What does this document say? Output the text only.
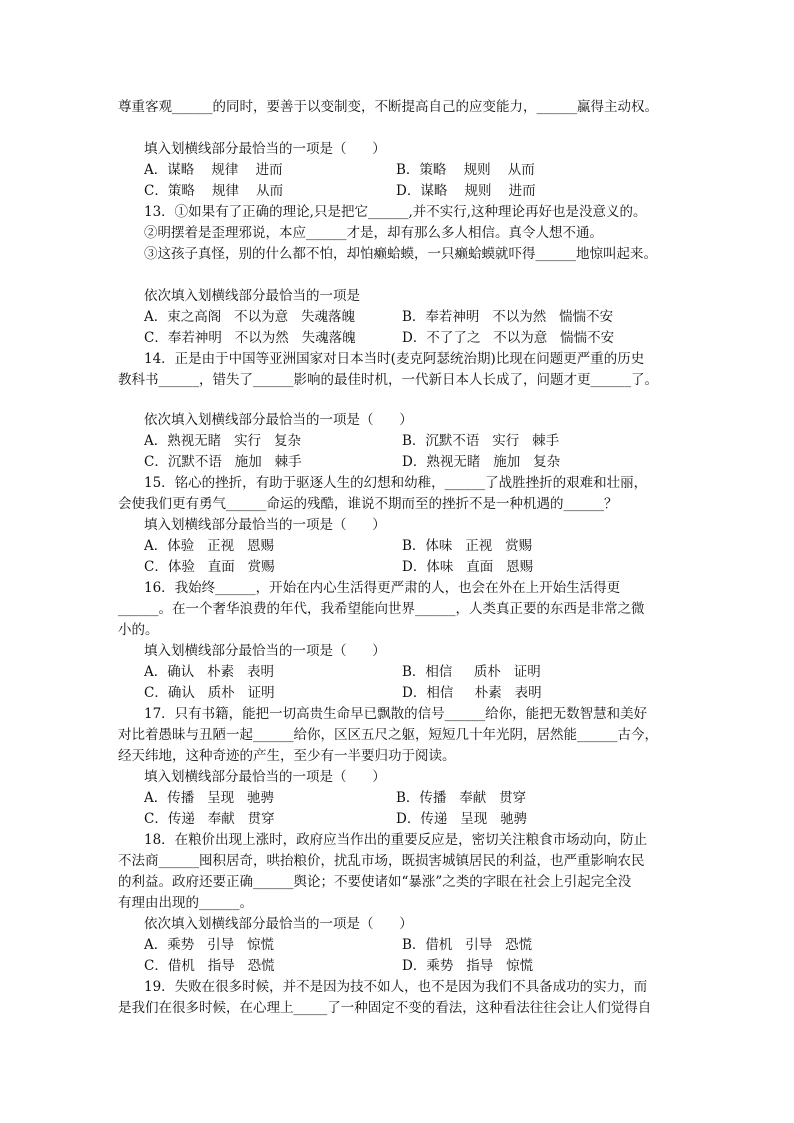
尊重客观______的同时，要善于以变制变，不断提高自己的应变能力，______赢得主动权。
填入划横线部分最恰当的一项是（      ）
A．谋略    规律    进而	B．策略    规则    从而
C．策略    规律    从而	D．谋略    规则    进而
13．①如果有了正确的理论,只是把它______,并不实行,这种理论再好也是没意义的。
②明摆着是歪理邪说，本应______才是，却有那么多人相信。真令人想不通。
③这孩子真怪，别的什么都不怕，却怕癞蛤蟆，一只癞蛤蟆就吓得______地惊叫起来。
依次填入划横线部分最恰当的一项是
A．束之高阁   不以为意   失魂落魄	B．奉若神明   不以为然   惴惴不安
C．奉若神明   不以为然   失魂落魄	D．不了了之   不以为意   惴惴不安
14．正是由于中国等亚洲国家对日本当时(麦克阿瑟统治期)比现在问题更严重的历史
教科书______，错失了______影响的最佳时机，一代新日本人长成了，问题才更______了。
依次填入划横线部分最恰当的一项是（      ）
A．熟视无睹   实行   复杂	B．沉默不语   实行   棘手
C．沉默不语   施加   棘手	D．熟视无睹   施加   复杂
15．铭心的挫折，有助于驱逐人生的幻想和幼稚，______了战胜挫折的艰难和壮丽，
会使我们更有勇气______命运的残酷，谁说不期而至的挫折不是一种机遇的______？
填入划横线部分最恰当的一项是（      ）
A．体验   正视   恩赐	B．体味   正视   赏赐
C．体验   直面   赏赐	D．体味   直面   恩赐
16．我始终______，开始在内心生活得更严肃的人，也会在外在上开始生活得更
______。在一个奢华浪费的年代，我希望能向世界______，人类真正要的东西是非常之微
小的。
填入划横线部分最恰当的一项是（      ）
A．确认   朴素   表明	B．相信     质朴   证明
C．确认   质朴   证明	D．相信     朴素   表明
17．只有书籍，能把一切高贵生命早已飘散的信号______给你，能把无数智慧和美好
对比着愚昧与丑陋一起______给你，区区五尺之躯，短短几十年光阴，居然能______古今，
经天纬地，这种奇迹的产生，至少有一半要归功于阅读。
填入划横线部分最恰当的一项是（      ）
A．传播   呈现   驰骋	B．传播   奉献   贯穿
C．传递   奉献   贯穿	D．传递   呈现   驰骋
18．在粮价出现上涨时，政府应当作出的重要反应是，密切关注粮食市场动向，防止
不法商______囤积居奇，哄抬粮价，扰乱市场，既损害城镇居民的利益，也严重影响农民
的利益。政府还要正确______舆论；不要使诸如“暴涨”之类的字眼在社会上引起完全没
有理由出现的______。
依次填入划横线部分最恰当的一项是（      ）
A．乘势   引导   惊慌	B．借机   引导   恐慌
C．借机   指导   恐慌	D．乘势   指导   惊慌
19．失败在很多时候，并不是因为技不如人，也不是因为我们不具备成功的实力，而
是我们在很多时候，在心理上_____了一种固定不变的看法，这种看法往往会让人们觉得自
